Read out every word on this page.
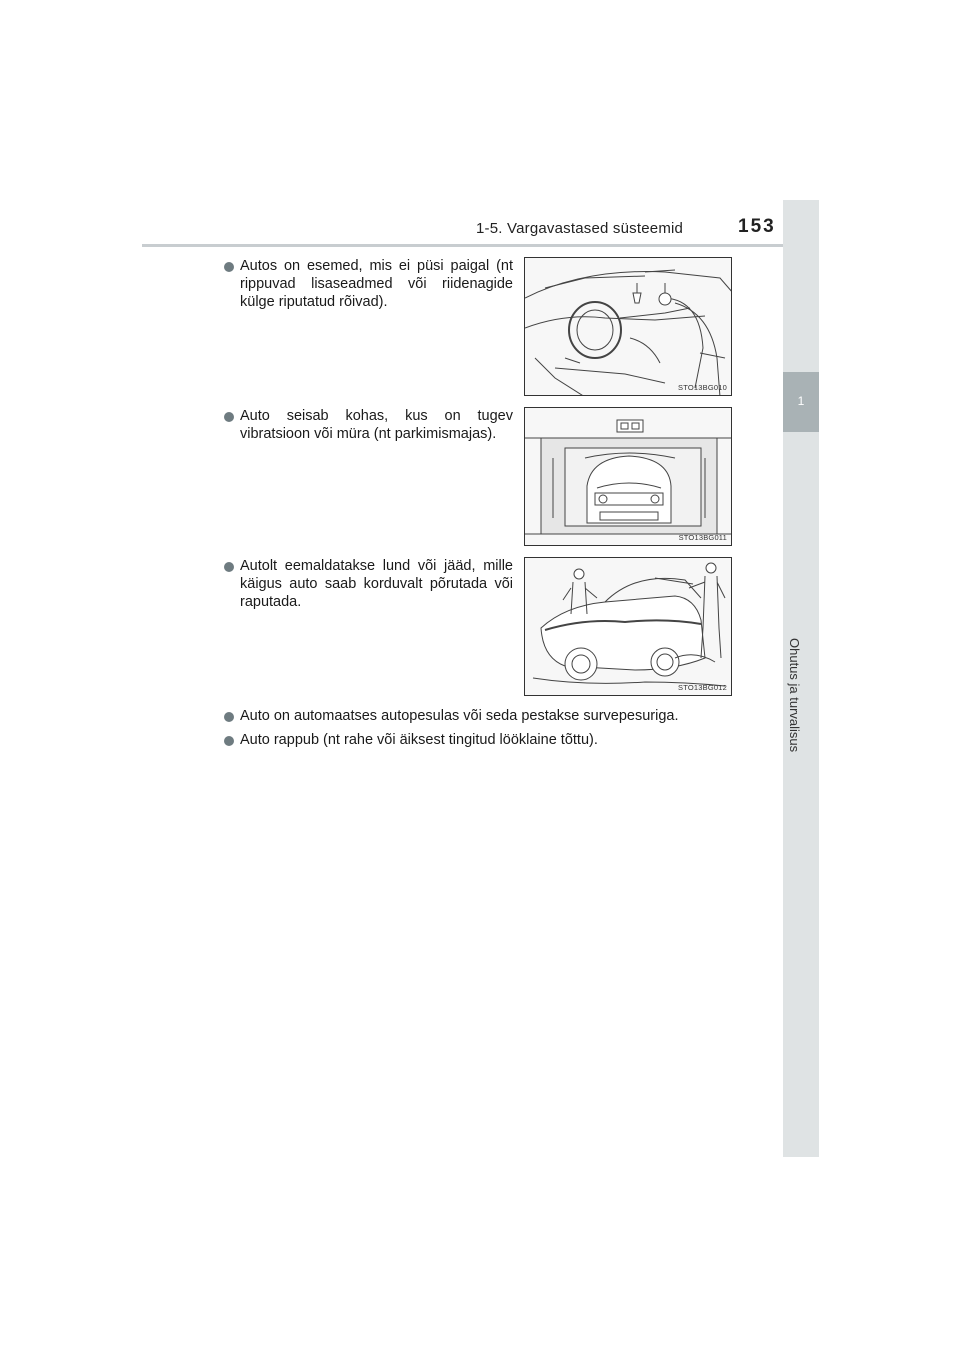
1-5. Vargavastased süsteemid	153
1
Ohutus ja turvalisus
Autos on esemed, mis ei püsi paigal (nt rippuvad lisaseadmed või riidenagide külge riputatud rõivad).
STO13BG010
Auto seisab kohas, kus on tugev vibratsioon või müra (nt parkimismajas).
STO13BG011
Autolt eemaldatakse lund või jääd, mille käigus auto saab korduvalt põrutada või raputada.
STO13BG012
Auto on automaatses autopesulas või seda pestakse survepesuriga.
Auto rappub (nt rahe või äiksest tingitud lööklaine tõttu).
